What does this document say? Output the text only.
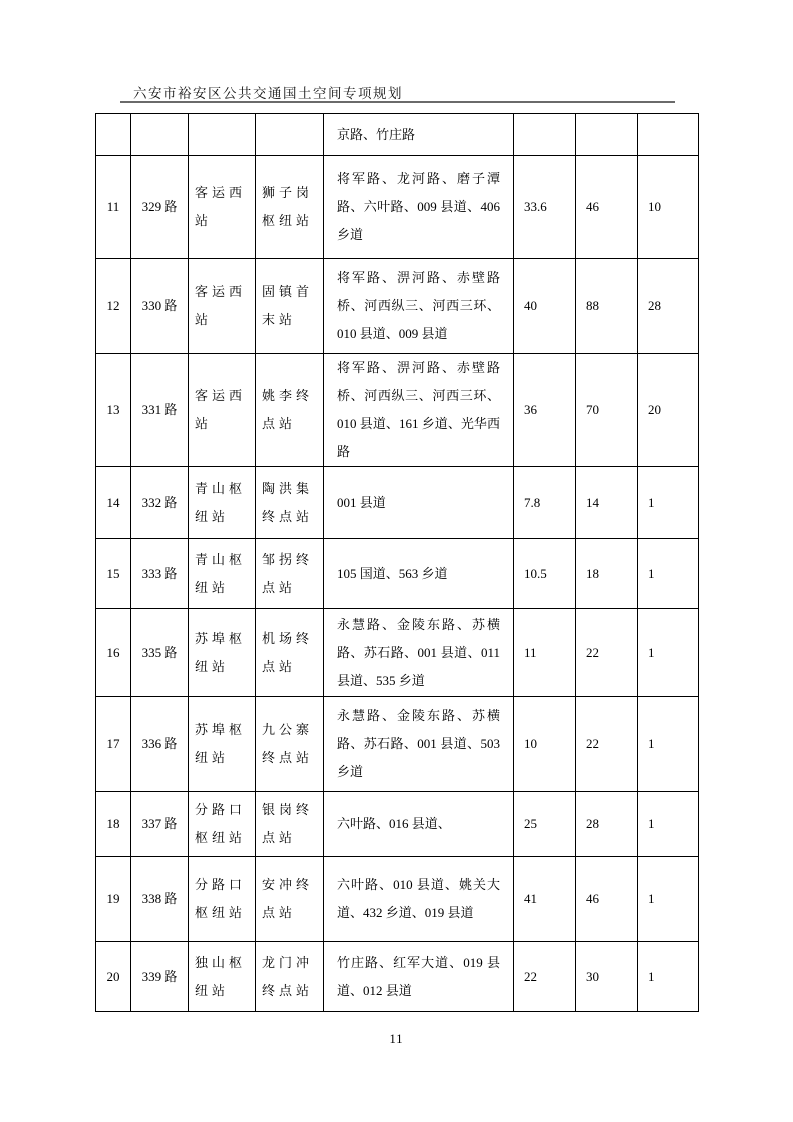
六安市裕安区公共交通国土空间专项规划
				京路、竹庄路			
11	329 路	客运西站	狮子岗枢纽站	将军路、龙河路、磨子潭路、六叶路、009 县道、406 乡道	33.6	46	10
12	330 路	客运西站	固镇首末站	将军路、淠河路、赤壁路桥、河西纵三、河西三环、010 县道、009 县道	40	88	28
13	331 路	客运西站	姚李终点站	将军路、淠河路、赤壁路桥、河西纵三、河西三环、010 县道、161 乡道、光华西路	36	70	20
14	332 路	青山枢纽站	陶洪集终点站	001 县道	7.8	14	1
15	333 路	青山枢纽站	邹拐终点站	105 国道、563 乡道	10.5	18	1
16	335 路	苏埠枢纽站	机场终点站	永慧路、金陵东路、苏横路、苏石路、001 县道、011 县道、535 乡道	11	22	1
17	336 路	苏埠枢纽站	九公寨终点站	永慧路、金陵东路、苏横路、苏石路、001 县道、503 乡道	10	22	1
18	337 路	分路口枢纽站	银岗终点站	六叶路、016 县道、	25	28	1
19	338 路	分路口枢纽站	安冲终点站	六叶路、010 县道、姚关大道、432 乡道、019 县道	41	46	1
20	339 路	独山枢纽站	龙门冲终点站	竹庄路、红军大道、019 县道、012 县道	22	30	1
11
